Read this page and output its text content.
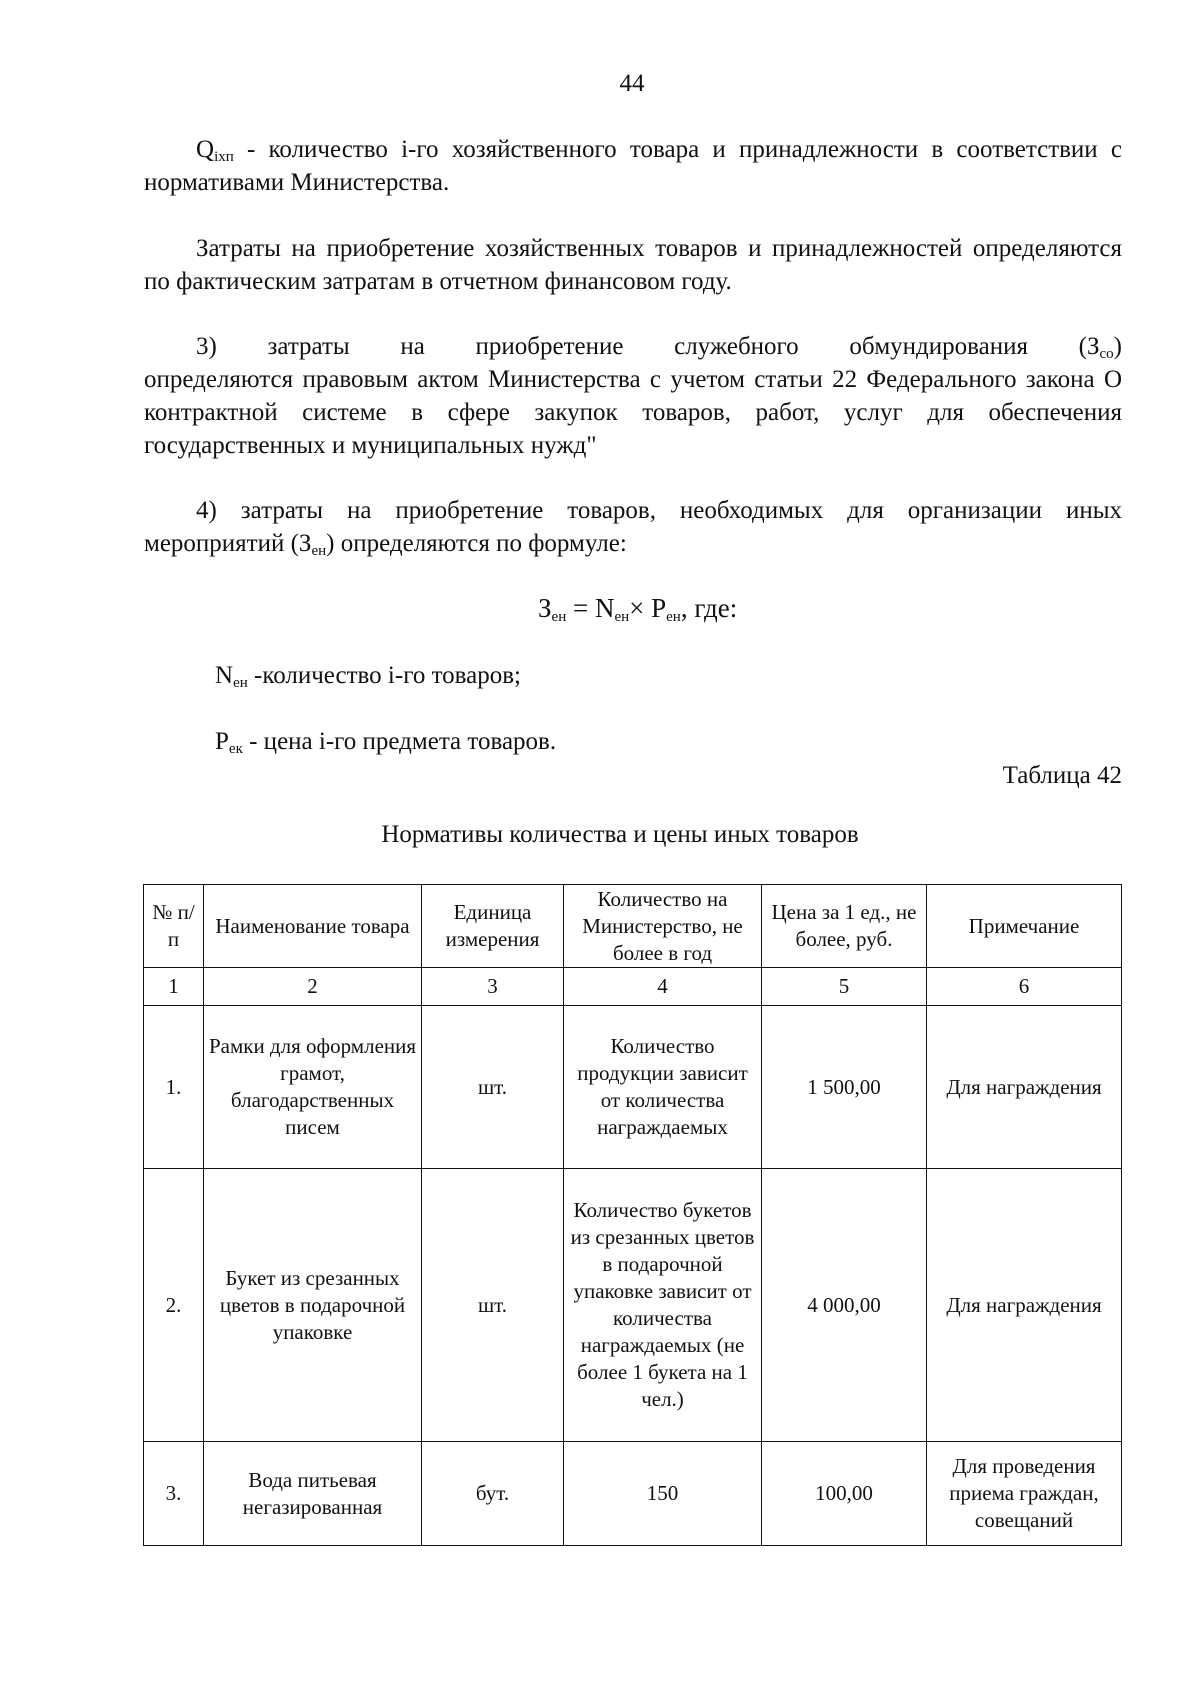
44
$Q_{ixп}$ - количество i-го хозяйственного товара и принадлежности в соответствии с нормативами Министерства.
Затраты на приобретение хозяйственных товаров и принадлежностей определяются по фактическим затратам в отчетном финансовом году.
3) затраты на приобретение служебного обмундирования $(З_{со})$
определяются правовым актом Министерства с учетом статьи 22 Федерального закона О контрактной системе в сфере закупок товаров, работ, услуг для обеспечения государственных и муниципальных нужд"
4) затраты на приобретение товаров, необходимых для организации иных мероприятий $(З_{ен})$ определяются по формуле:
$З_{ен} = N_{ен}\times P_{ен}$, где:
$N_{ен}$ -количество i-го товаров;
$P_{ек}$ - цена i-го предмета товаров.
Таблица 42
Нормативы количества и цены иных товаров
№ п/п	Наименование товара	Единица измерения	Количество на Министерство, не более в год	Цена за 1 ед., не более, руб.	Примечание
1	2	3	4	5	6
1.	Рамки для оформления грамот, благодарственных писем	шт.	Количество продукции зависит от количества награждаемых	1 500,00	Для награждения
2.	Букет из срезанных цветов в подарочной упаковке	шт.	Количество букетов из срезанных цветов в подарочной упаковке зависит от количества награждаемых (не более 1 букета на 1 чел.)	4 000,00	Для награждения
3.	Вода питьевая негазированная	бут.	150	100,00	Для проведения приема граждан, совещаний
